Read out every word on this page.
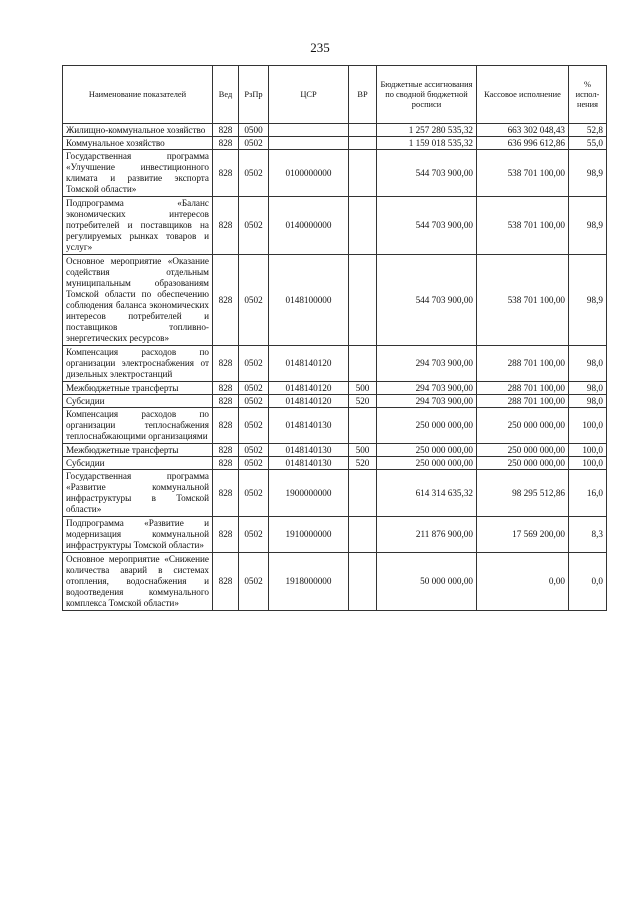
235
Наименование показателей	Вед	РзПр	ЦСР	ВР	Бюджетные ассигнования по сводной бюджетной росписи	Кассовое исполнение	% испол-нения
Жилищно-коммунальное хозяйство	828	0500			1 257 280 535,32	663 302 048,43	52,8
Коммунальное хозяйство	828	0502			1 159 018 535,32	636 996 612,86	55,0
Государственная программа «Улучшение инвестиционного климата и развитие экспорта Томской области»	828	0502	0100000000		544 703 900,00	538 701 100,00	98,9
Подпрограмма «Баланс экономических интересов потребителей и поставщиков на регулируемых рынках товаров и услуг»	828	0502	0140000000		544 703 900,00	538 701 100,00	98,9
Основное мероприятие «Оказание содействия отдельным муниципальным образованиям Томской области по обеспечению соблюдения баланса экономических интересов потребителей и поставщиков топливно-энергетических ресурсов»	828	0502	0148100000		544 703 900,00	538 701 100,00	98,9
Компенсация расходов по организации электроснабжения от дизельных электростанций	828	0502	0148140120		294 703 900,00	288 701 100,00	98,0
Межбюджетные трансферты	828	0502	0148140120	500	294 703 900,00	288 701 100,00	98,0
Субсидии	828	0502	0148140120	520	294 703 900,00	288 701 100,00	98,0
Компенсация расходов по организации теплоснабжения теплоснабжающими организациями	828	0502	0148140130		250 000 000,00	250 000 000,00	100,0
Межбюджетные трансферты	828	0502	0148140130	500	250 000 000,00	250 000 000,00	100,0
Субсидии	828	0502	0148140130	520	250 000 000,00	250 000 000,00	100,0
Государственная программа «Развитие коммунальной инфраструктуры в Томской области»	828	0502	1900000000		614 314 635,32	98 295 512,86	16,0
Подпрограмма «Развитие и модернизация коммунальной инфраструктуры Томской области»	828	0502	1910000000		211 876 900,00	17 569 200,00	8,3
Основное мероприятие «Снижение количества аварий в системах отопления, водоснабжения и водоотведения коммунального комплекса Томской области»	828	0502	1918000000		50 000 000,00	0,00	0,0
